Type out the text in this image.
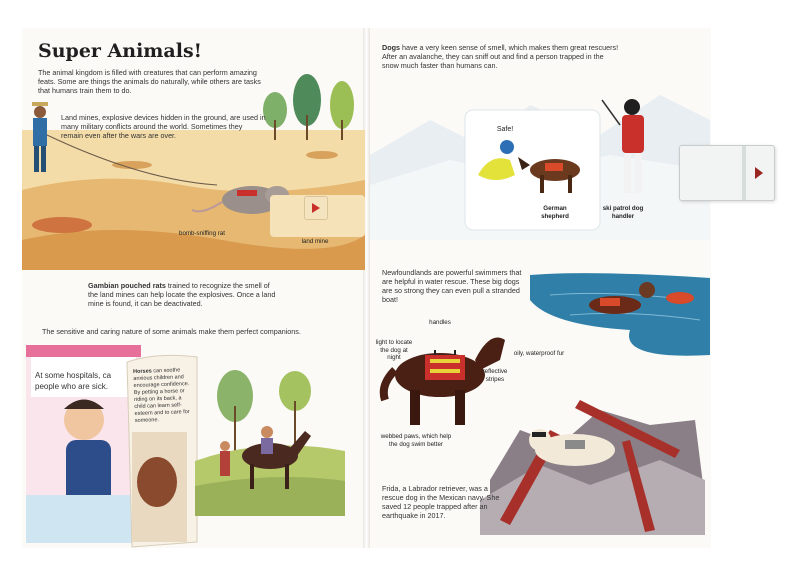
Super Animals!
The animal kingdom is filled with creatures that can perform amazing feats. Some are things the animals do naturally, while others are tasks that humans train them to do.
Land mines, explosive devices hidden in the ground, are used in many military conflicts around the world. Sometimes they remain even after the wars are over.
bomb-sniffing rat
land mine
Gambian pouched rats trained to recognize the smell of the land mines can help locate the explosives. Once a land mine is found, it can be deactivated.
The sensitive and caring nature of some animals make them perfect companions.
At some hospitals, ca
people who are sick.
Horses can soothe anxious children and encourage confidence. By petting a horse or riding on its back, a child can learn self-esteem and to care for someone.
Dogs have a very keen sense of smell, which makes them great rescuers! After an avalanche, they can sniff out and find a person trapped in the snow much faster than humans can.
Safe!
German shepherd
ski patrol dog handler
Newfoundlands are powerful swimmers that are helpful in water rescue. These big dogs are so strong they can even pull a stranded boat!
handles
light to locate the dog at night
oily, waterproof fur
reflective stripes
webbed paws, which help the dog swim better
Frida, a Labrador retriever, was a rescue dog in the Mexican navy. She saved 12 people trapped after an earthquake in 2017.
